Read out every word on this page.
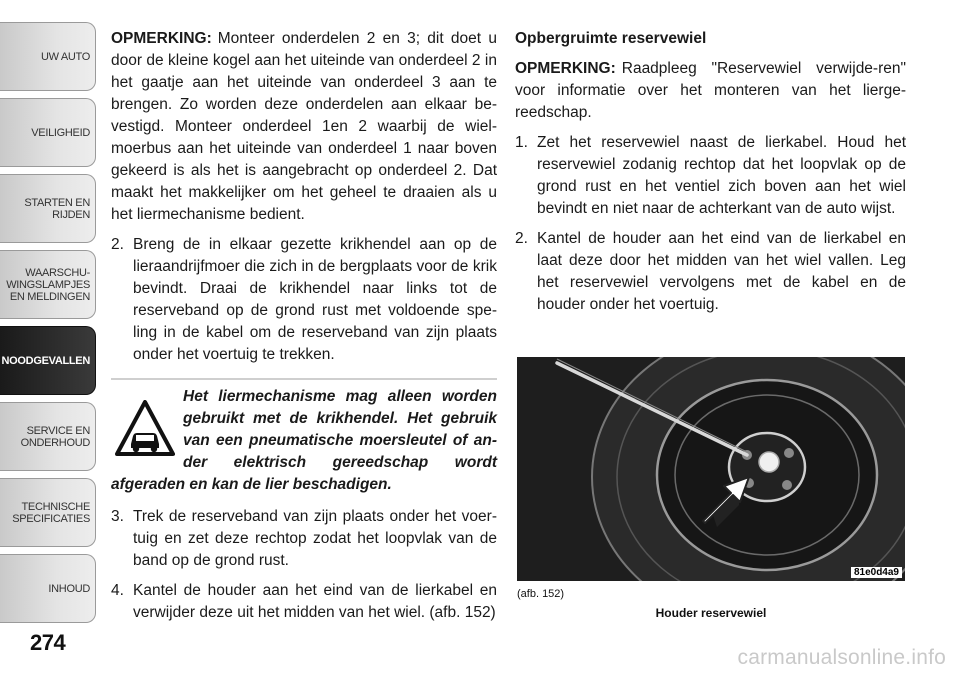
UW AUTO
VEILIGHEID
STARTEN EN
RIJDEN
WAARSCHU-
WINGSLAMPJES
EN MELDINGEN
NOODGEVALLEN
SERVICE EN
ONDERHOUD
TECHNISCHE
SPECIFICATIES
INHOUD
274

OPMERKING: Monteer onderdelen 2 en 3; dit doet u door de kleine kogel aan het uiteinde van onderdeel 2 in het gaatje aan het uiteinde van onderdeel 3 aan te brengen. Zo worden deze onderdelen aan elkaar be-vestigd. Monteer onderdeel 1en 2 waarbij de wiel-moerbus aan het uiteinde van onderdeel 1 naar boven gekeerd is als het is aangebracht op onderdeel 2. Dat maakt het makkelijker om het geheel te draaien als u het liermechanisme bedient.

2. Breng de in elkaar gezette krikhendel aan op de lieraandrijfmoer die zich in de bergplaats voor de krik bevindt. Draai de krikhendel naar links tot de reserveband op de grond rust met voldoende spe-ling in de kabel om de reserveband van zijn plaats onder het voertuig te trekken.
Het liermechanisme mag alleen worden gebruikt met de krikhendel. Het gebruik van een pneumatische moersleutel of an-der elektrisch gereedschap wordt afgeraden en kan de lier beschadigen.
3. Trek de reserveband van zijn plaats onder het voer-tuig en zet deze rechtop zodat het loopvlak van de band op de grond rust.
4. Kantel de houder aan het eind van de lierkabel en verwijder deze uit het midden van het wiel. (afb. 152)
Opbergruimte reservewiel

OPMERKING: Raadpleeg "Reservewiel verwijde-ren" voor informatie over het monteren van het lierge-reedschap.

1. Zet het reservewiel naast de lierkabel. Houd het reservewiel zodanig rechtop dat het loopvlak op de grond rust en het ventiel zich boven aan het wiel bevindt en niet naar de achterkant van de auto wijst.
2. Kantel de houder aan het eind van de lierkabel en laat deze door het midden van het wiel vallen. Leg het reservewiel vervolgens met de kabel en de houder onder het voertuig.
81e0d4a9
(afb. 152)
Houder reservewiel
carmanualsonline.info
